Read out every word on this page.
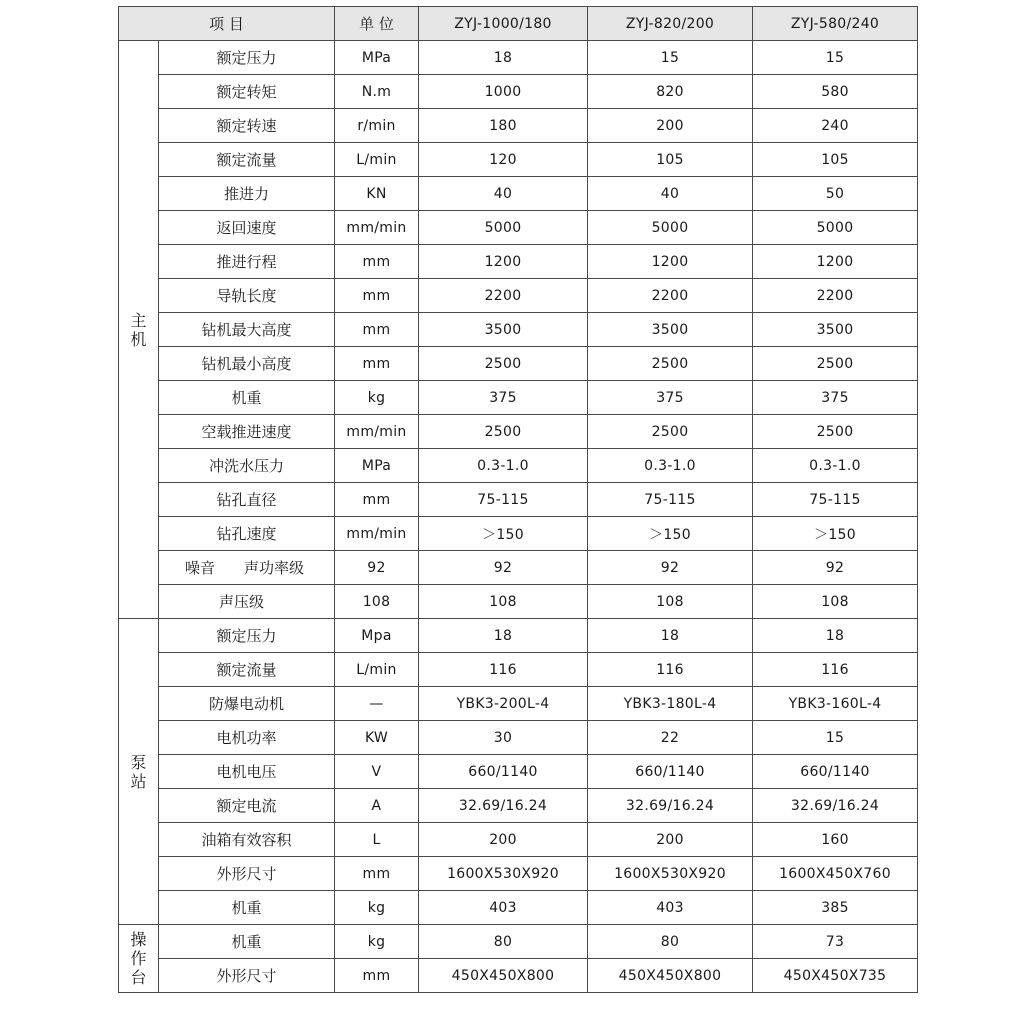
项 目		单 位	ZYJ-1000/180	ZYJ-820/200	ZYJ-580/240

主机	额定压力	MPa	18	15	15
	额定转矩	N.m	1000	820	580
	额定转速	r/min	180	200	240
	额定流量	L/min	120	105	105
	推进力	KN	40	40	50
	返回速度	mm/min	5000	5000	5000
	推进行程	mm	1200	1200	1200
	导轨长度	mm	2200	2200	2200
	钻机最大高度	mm	3500	3500	3500
	钻机最小高度	mm	2500	2500	2500
	机重	kg	375	375	375
	空载推进速度	mm/min	2500	2500	2500
	冲洗水压力	MPa	0.3-1.0	0.3-1.0	0.3-1.0
	钻孔直径	mm	75-115	75-115	75-115
	钻孔速度	mm/min	＞150	＞150	＞150

	噪音 声功率级	92	92	92	92
	声压级	108	108	108	108

泵站	额定压力	Mpa	18	18	18
	额定流量	L/min	116	116	116
	防爆电动机	—	YBK3-200L-4	YBK3-180L-4	YBK3-160L-4
	电机功率	KW	30	22	15
	电机电压	V	660/1140	660/1140	660/1140
	额定电流	A	32.69/16.24	32.69/16.24	32.69/16.24
	油箱有效容积	L	200	200	160
	外形尺寸	mm	1600X530X920	1600X530X920	1600X450X760
	机重	kg	403	403	385

操作台	机重	kg	80	80	73
	外形尺寸	mm	450X450X800	450X450X800	450X450X735
